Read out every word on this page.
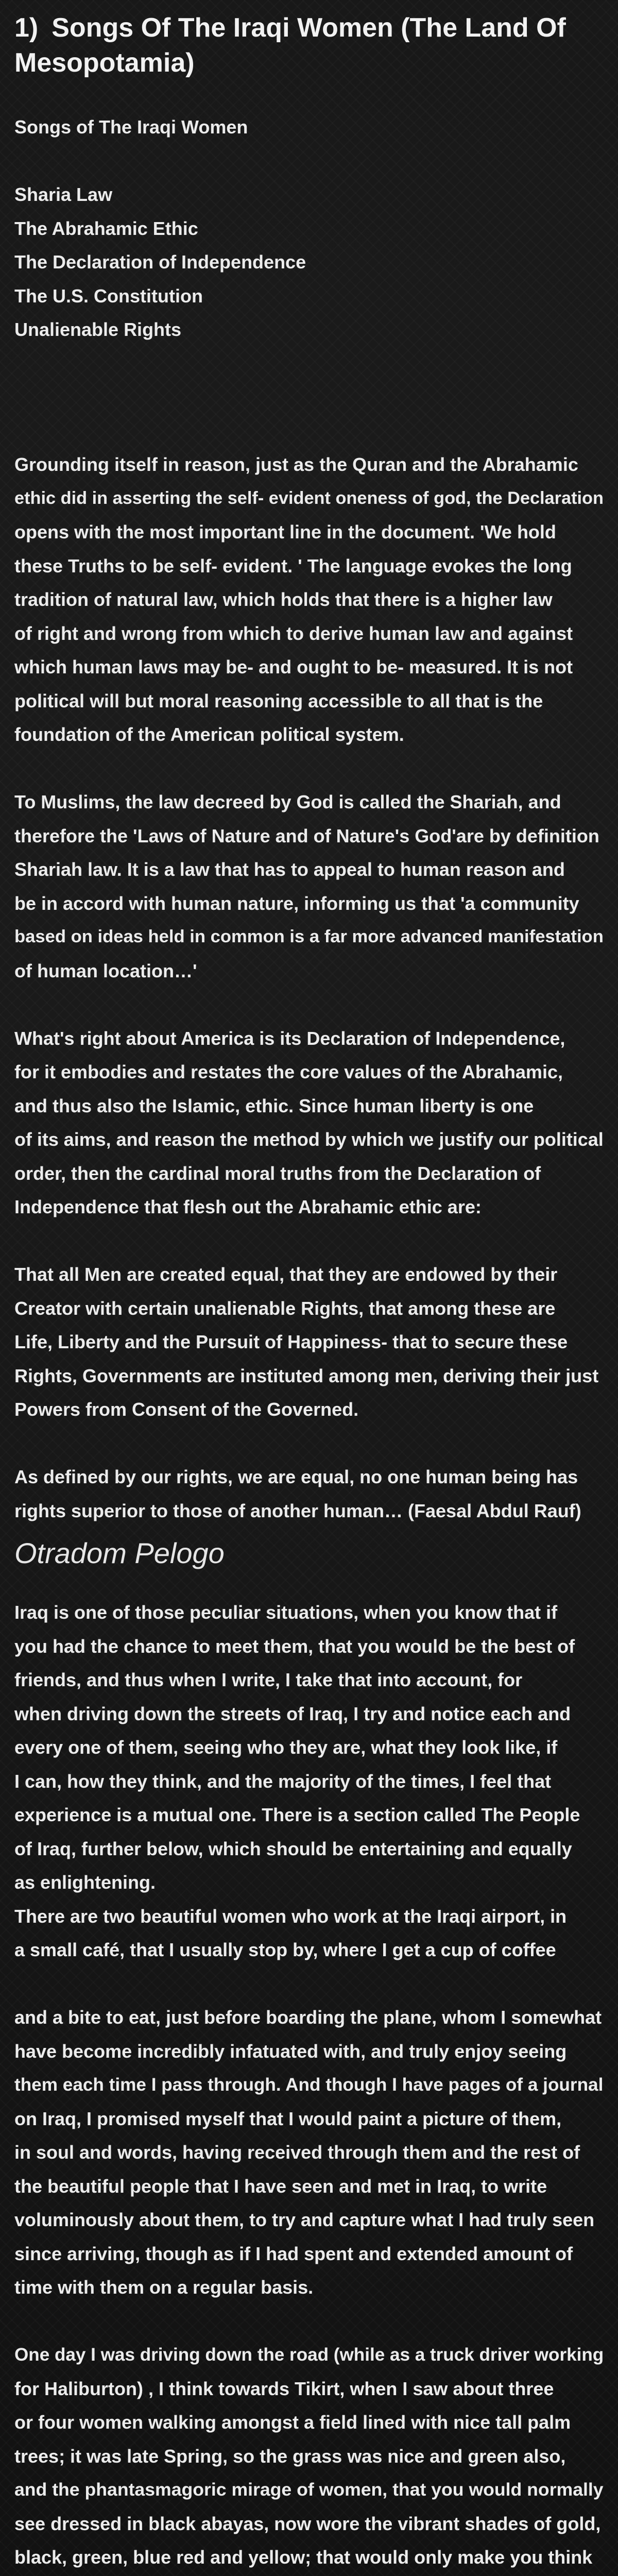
1) Songs Of The Iraqi Women (The Land Of Mesopotamia)
Songs of The Iraqi Women
Sharia Law
The Abrahamic Ethic
The Declaration of Independence
The U.S. Constitution
Unalienable Rights
Grounding itself in reason, just as the Quran and the Abrahamic
ethic did in asserting the self- evident oneness of god, the Declaration
opens with the most important line in the document. 'We hold
these Truths to be self- evident. ' The language evokes the long
tradition of natural law, which holds that there is a higher law
of right and wrong from which to derive human law and against
which human laws may be- and ought to be- measured. It is not
political will but moral reasoning accessible to all that is the
foundation of the American political system.
To Muslims, the law decreed by God is called the Shariah, and
therefore the 'Laws of Nature and of Nature's God'are by definition
Shariah law. It is a law that has to appeal to human reason and
be in accord with human nature, informing us that 'a community
based on ideas held in common is a far more advanced manifestation
of human location…'
What's right about America is its Declaration of Independence,
for it embodies and restates the core values of the Abrahamic,
and thus also the Islamic, ethic. Since human liberty is one
of its aims, and reason the method by which we justify our political
order, then the cardinal moral truths from the Declaration of
Independence that flesh out the Abrahamic ethic are:
That all Men are created equal, that they are endowed by their
Creator with certain unalienable Rights, that among these are
Life, Liberty and the Pursuit of Happiness- that to secure these
Rights, Governments are instituted among men, deriving their just
Powers from Consent of the Governed.
As defined by our rights, we are equal, no one human being has
rights superior to those of another human… (Faesal Abdul Rauf)
Otradom Pelogo
Iraq is one of those peculiar situations, when you know that if
you had the chance to meet them, that you would be the best of
friends, and thus when I write, I take that into account, for
when driving down the streets of Iraq, I try and notice each and
every one of them, seeing who they are, what they look like, if
I can, how they think, and the majority of the times, I feel that
experience is a mutual one. There is a section called The People
of Iraq, further below, which should be entertaining and equally
as enlightening.
There are two beautiful women who work at the Iraqi airport, in
a small café, that I usually stop by, where I get a cup of coffee
and a bite to eat, just before boarding the plane, whom I somewhat
have become incredibly infatuated with, and truly enjoy seeing
them each time I pass through. And though I have pages of a journal
on Iraq, I promised myself that I would paint a picture of them,
in soul and words, having received through them and the rest of
the beautiful people that I have seen and met in Iraq, to write
voluminously about them, to try and capture what I had truly seen
since arriving, though as if I had spent and extended amount of
time with them on a regular basis.
One day I was driving down the road (while as a truck driver working
for Haliburton) , I think towards Tikirt, when I saw about three
or four women walking amongst a field lined with nice tall palm
trees; it was late Spring, so the grass was nice and green also,
and the phantasmagoric mirage of women, that you would normally
see dressed in black abayas, now wore the vibrant shades of gold,
black, green, blue red and yellow; that would only make you think
